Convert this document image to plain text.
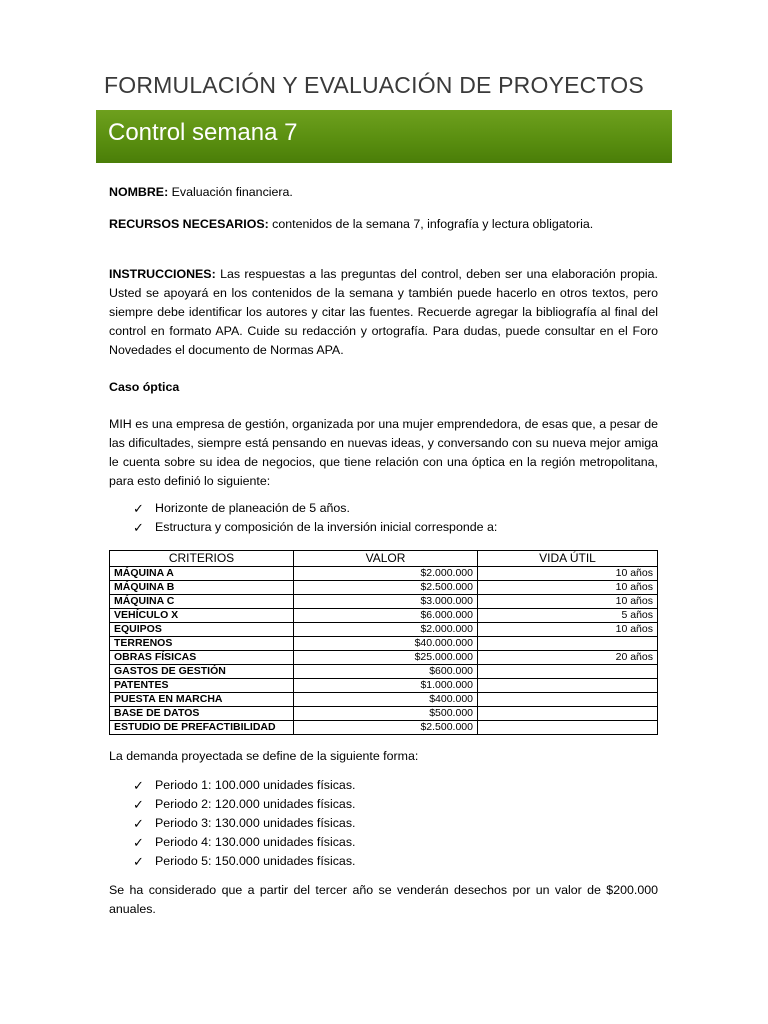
FORMULACIÓN Y EVALUACIÓN DE PROYECTOS
Control semana 7

NOMBRE: Evaluación financiera.

RECURSOS NECESARIOS: contenidos de la semana 7, infografía y lectura obligatoria.

INSTRUCCIONES: Las respuestas a las preguntas del control, deben ser una elaboración propia. Usted se apoyará en los contenidos de la semana y también puede hacerlo en otros textos, pero siempre debe identificar los autores y citar las fuentes. Recuerde agregar la bibliografía al final del control en formato APA. Cuide su redacción y ortografía. Para dudas, puede consultar en el Foro Novedades el documento de Normas APA.

Caso óptica

MIH es una empresa de gestión, organizada por una mujer emprendedora, de esas que, a pesar de las dificultades, siempre está pensando en nuevas ideas, y conversando con su nueva mejor amiga le cuenta sobre su idea de negocios, que tiene relación con una óptica en la región metropolitana, para esto definió lo siguiente:

✓ Horizonte de planeación de 5 años.
✓ Estructura y composición de la inversión inicial corresponde a:
CRITERIOS	VALOR	VIDA ÚTIL
MÁQUINA A	$2.000.000	10 años
MÁQUINA B	$2.500.000	10 años
MÁQUINA C	$3.000.000	10 años
VEHÍCULO X	$6.000.000	5 años
EQUIPOS	$2.000.000	10 años
TERRENOS	$40.000.000	
OBRAS FÍSICAS	$25.000.000	20 años
GASTOS DE GESTIÓN	$600.000	
PATENTES	$1.000.000	
PUESTA EN MARCHA	$400.000	
BASE DE DATOS	$500.000	
ESTUDIO DE PREFACTIBILIDAD	$2.500.000	

La demanda proyectada se define de la siguiente forma:

✓ Periodo 1: 100.000 unidades físicas.
✓ Periodo 2: 120.000 unidades físicas.
✓ Periodo 3: 130.000 unidades físicas.
✓ Periodo 4: 130.000 unidades físicas.
✓ Periodo 5: 150.000 unidades físicas.

Se ha considerado que a partir del tercer año se venderán desechos por un valor de $200.000 anuales.
